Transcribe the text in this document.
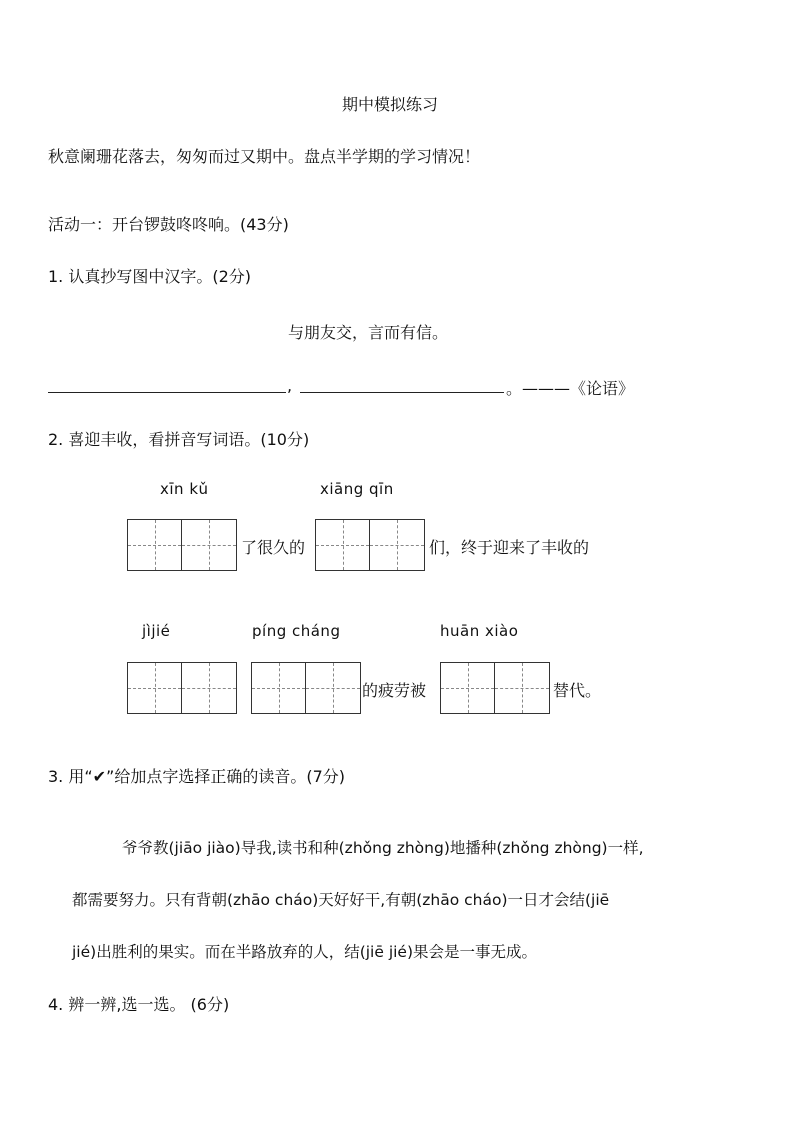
期中模拟练习
秋意阑珊花落去，匆匆而过又期中。盘点半学期的学习情况！
活动一：开台锣鼓咚咚响。(43分)
1. 认真抄写图中汉字。(2分)
与朋友交，言而有信。
,	。———《论语》
2. 喜迎丰收，看拼音写词语。(10分)
xīn kǔ	xiāng qīn
了很久的	们，终于迎来了丰收的
jìjié	píng cháng	huān xiào
的疲劳被	替代。
3. 用“✔”给加点字选择正确的读音。(7分)
爷爷教(jiāo jiào)导我,读书和种(zhǒng zhòng)地播种(zhǒng zhòng)一样,
都需要努力。只有背朝(zhāo cháo)天好好干,有朝(zhāo cháo)一日才会结(jiē
jié)出胜利的果实。而在半路放弃的人，结(jiē jié)果会是一事无成。
4. 辨一辨,选一选。 (6分)
